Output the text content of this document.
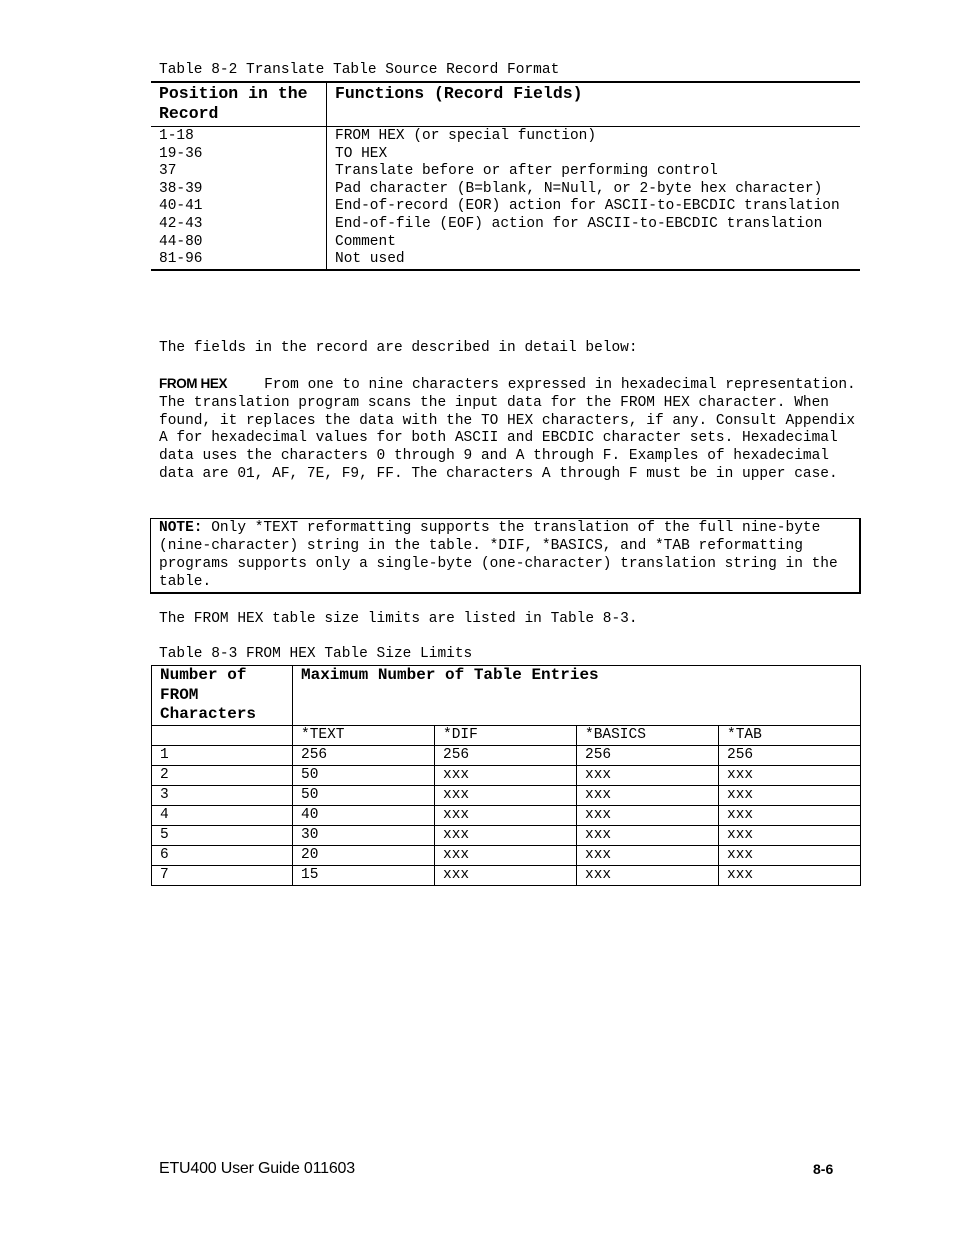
Table 8-2 Translate Table Source Record Format
Position in the Record	Functions (Record Fields)
1-18	FROM HEX (or special function)
19-36	TO HEX
37	Translate before or after performing control
38-39	Pad character (B=blank, N=Null, or 2-byte hex character)
40-41	End-of-record (EOR) action for ASCII-to-EBCDIC translation
42-43	End-of-file (EOF) action for ASCII-to-EBCDIC translation
44-80	Comment
81-96	Not used
The fields in the record are described in detail below:
FROM HEX	From one to nine characters expressed in hexadecimal representation. The translation program scans the input data for the FROM HEX character. When found, it replaces the data with the TO HEX characters, if any. Consult Appendix A for hexadecimal values for both ASCII and EBCDIC character sets. Hexadecimal data uses the characters 0 through 9 and A through F. Examples of hexadecimal data are 01, AF, 7E, F9, FF. The characters A through F must be in upper case.
NOTE: Only *TEXT reformatting supports the translation of the full nine-byte (nine-character) string in the table. *DIF, *BASICS, and *TAB reformatting programs supports only a single-byte (one-character) translation string in the table.
The FROM HEX table size limits are listed in Table 8-3.
Table 8-3 FROM HEX Table Size Limits
Number of FROM Characters	Maximum Number of Table Entries			
	*TEXT	*DIF	*BASICS	*TAB
1	256	256	256	256
2	50	xxx	xxx	xxx
3	50	xxx	xxx	xxx
4	40	xxx	xxx	xxx
5	30	xxx	xxx	xxx
6	20	xxx	xxx	xxx
7	15	xxx	xxx	xxx
ETU400 User Guide 011603	8-6
